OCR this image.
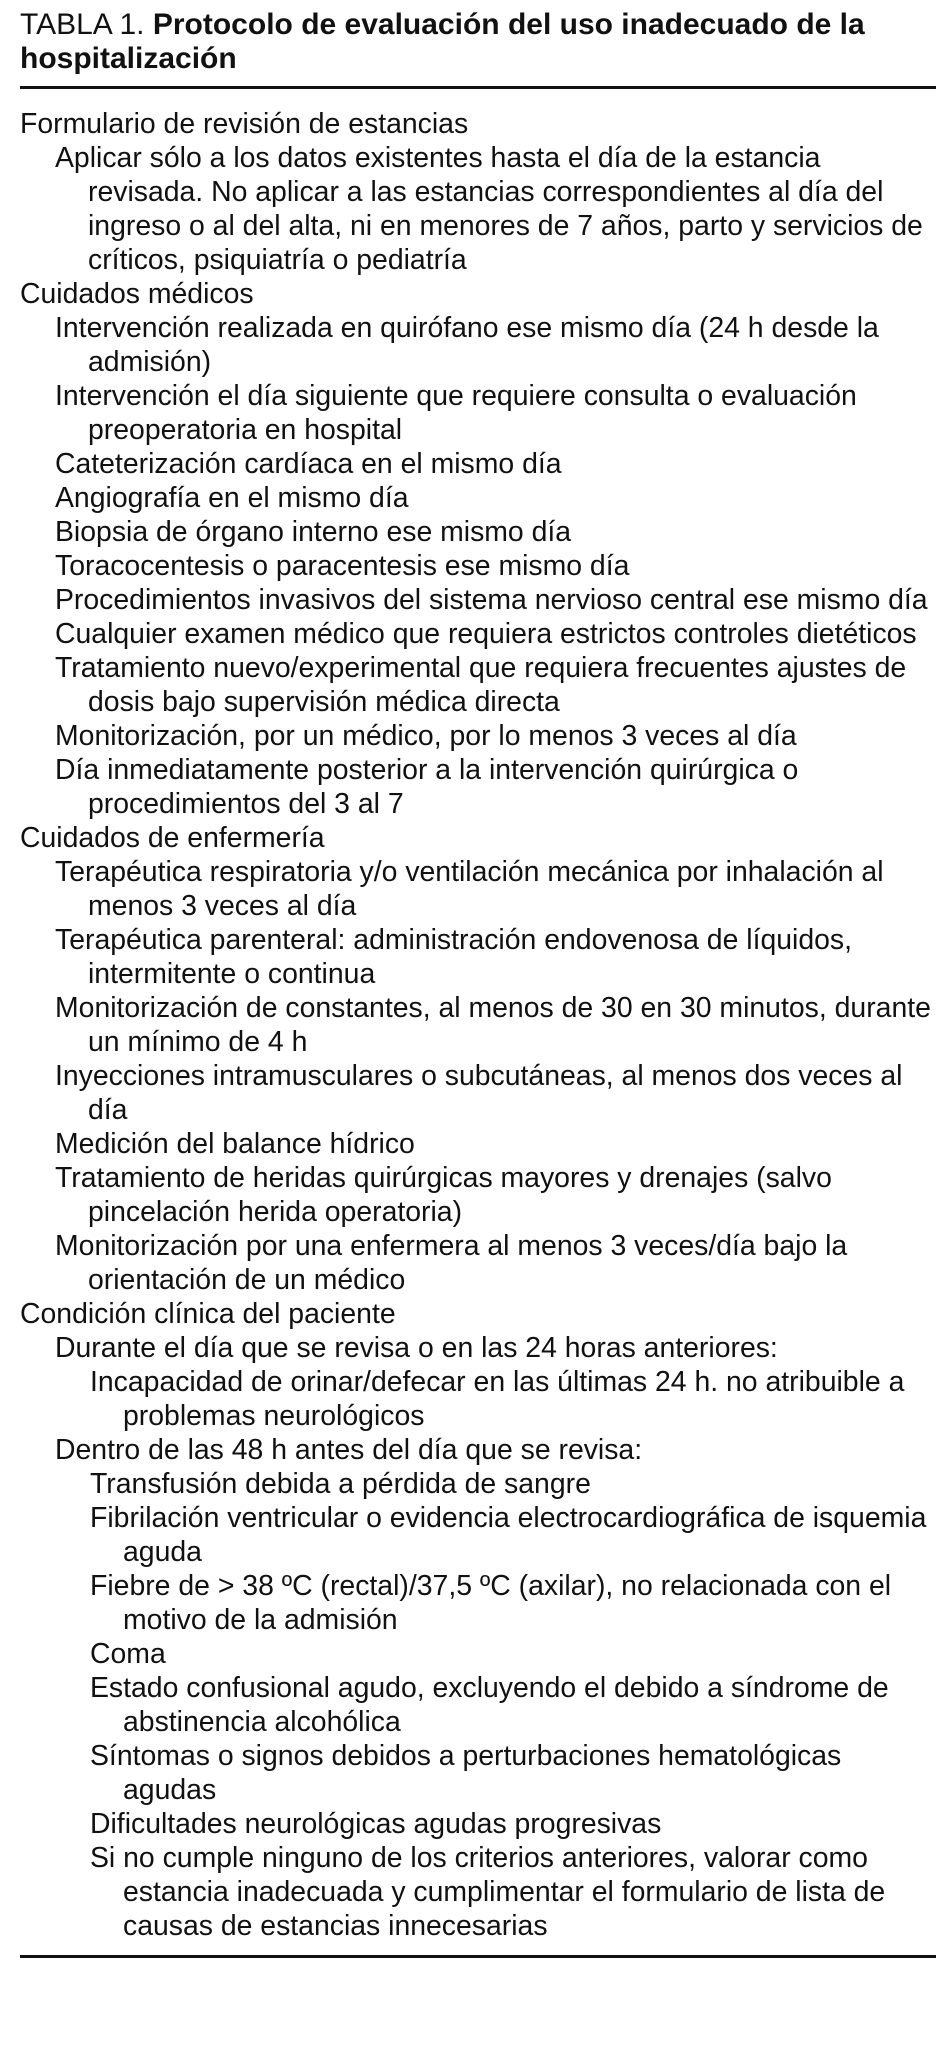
TABLA 1. Protocolo de evaluación del uso inadecuado de la hospitalización
Formulario de revisión de estancias
Aplicar sólo a los datos existentes hasta el día de la estancia revisada. No aplicar a las estancias correspondientes al día del ingreso o al del alta, ni en menores de 7 años, parto y servicios de críticos, psiquiatría o pediatría
Cuidados médicos
Intervención realizada en quirófano ese mismo día (24 h desde la admisión)
Intervención el día siguiente que requiere consulta o evaluación preoperatoria en hospital
Cateterización cardíaca en el mismo día
Angiografía en el mismo día
Biopsia de órgano interno ese mismo día
Toracocentesis o paracentesis ese mismo día
Procedimientos invasivos del sistema nervioso central ese mismo día
Cualquier examen médico que requiera estrictos controles dietéticos
Tratamiento nuevo/experimental que requiera frecuentes ajustes de dosis bajo supervisión médica directa
Monitorización, por un médico, por lo menos 3 veces al día
Día inmediatamente posterior a la intervención quirúrgica o procedimientos del 3 al 7
Cuidados de enfermería
Terapéutica respiratoria y/o ventilación mecánica por inhalación al menos 3 veces al día
Terapéutica parenteral: administración endovenosa de líquidos, intermitente o continua
Monitorización de constantes, al menos de 30 en 30 minutos, durante un mínimo de 4 h
Inyecciones intramusculares o subcutáneas, al menos dos veces al día
Medición del balance hídrico
Tratamiento de heridas quirúrgicas mayores y drenajes (salvo pincelación herida operatoria)
Monitorización por una enfermera al menos 3 veces/día bajo la orientación de un médico
Condición clínica del paciente
Durante el día que se revisa o en las 24 horas anteriores:
Incapacidad de orinar/defecar en las últimas 24 h. no atribuible a problemas neurológicos
Dentro de las 48 h antes del día que se revisa:
Transfusión debida a pérdida de sangre
Fibrilación ventricular o evidencia electrocardiográfica de isquemia aguda
Fiebre de > 38 ºC (rectal)/37,5 ºC (axilar), no relacionada con el motivo de la admisión
Coma
Estado confusional agudo, excluyendo el debido a síndrome de abstinencia alcohólica
Síntomas o signos debidos a perturbaciones hematológicas agudas
Dificultades neurológicas agudas progresivas
Si no cumple ninguno de los criterios anteriores, valorar como estancia inadecuada y cumplimentar el formulario de lista de causas de estancias innecesarias
